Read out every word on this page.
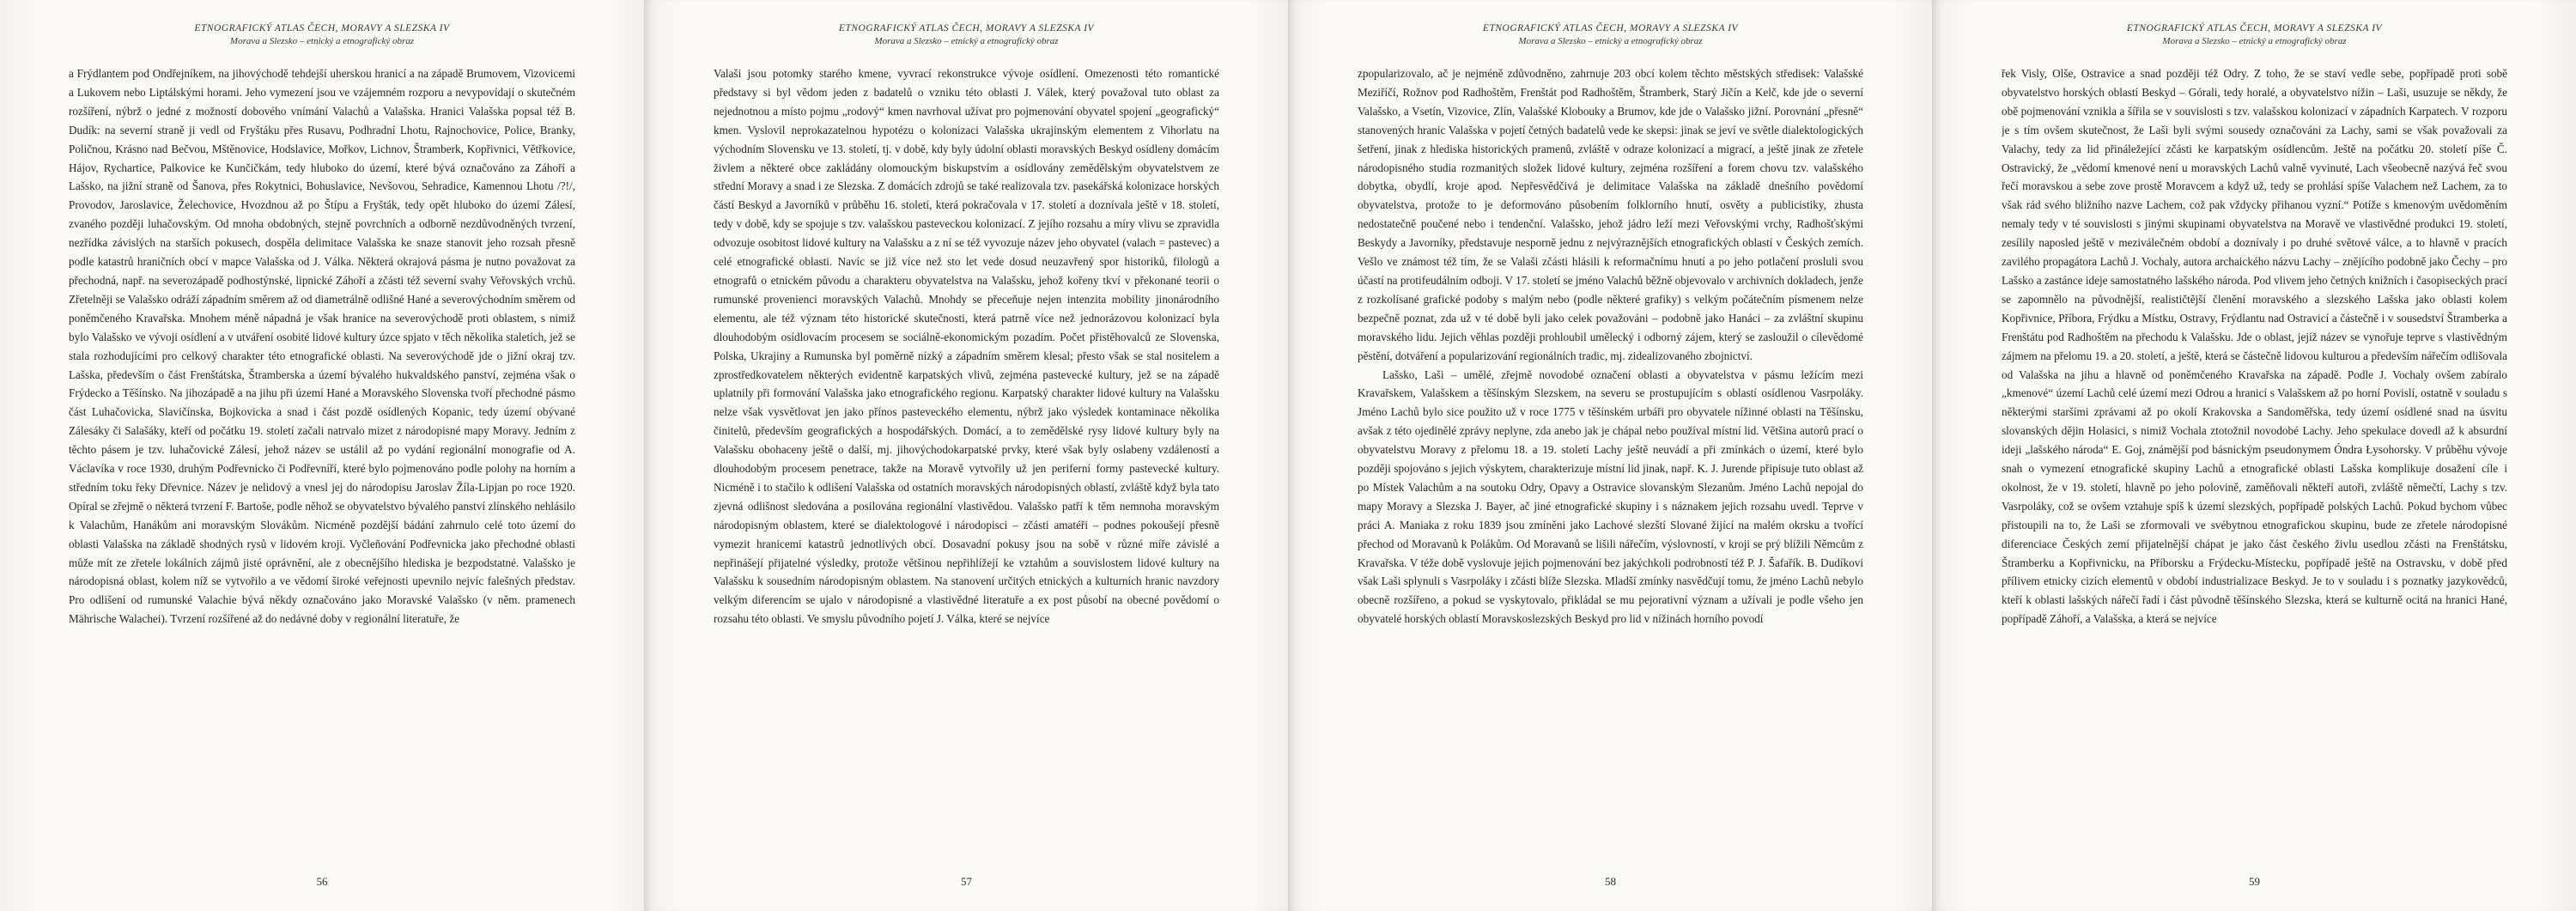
ETNOGRAFICKÝ ATLAS ČECH, MORAVY A SLEZSKA IV
Morava a Slezsko – etnický a etnografický obraz

a Frýdlantem pod Ondřejníkem, na jihovýchodě tehdejší uherskou hranicí a na západě Brumovem, Vizovicemi a Lukovem nebo Liptálskými horami. Jeho vymezení jsou ve vzájemném rozporu a nevypovídají o skutečném rozšíření, nýbrž o jedné z možností dobového vnímání Valachů a Valašska. Hranici Valašska popsal též B. Dudík: na severní straně ji vedl od Fryštáku přes Rusavu, Podhradní Lhotu, Rajnochovice, Police, Branky, Poličnou, Krásno nad Bečvou, Mštěnovice, Hodslavice, Mořkov, Lichnov, Štramberk, Kopřivnici, Větřkovice, Hájov, Rychartice, Palkovice ke Kunčičkám, tedy hluboko do území, které bývá označováno za Záhoří a Lašsko, na jižní straně od Šanova, přes Rokytnici, Bohuslavice, Nevšovou, Sehradice, Kamennou Lhotu /?!/, Provodov, Jaroslavice, Želechovice, Hvozdnou až po Štípu a Fryšták, tedy opět hluboko do území Zálesí, zvaného později luhačovským. Od mnoha obdobných, stejně povrchních a odborně nezdůvodněných tvrzení, nezřídka závislých na starších pokusech, dospěla delimitace Valašska ke snaze stanovit jeho rozsah přesně podle katastrů hraničních obcí v mapce Valašska od J. Válka. Některá okrajová pásma je nutno považovat za přechodná, např. na severozápadě podhostýnské, lipnické Záhoří a zčásti též severní svahy Veřovských vrchů. Zřetelněji se Valašsko odráží západním směrem až od diametrálně odlišné Hané a severovýchodním směrem od poněmčeného Kravařska. Mnohem méně nápadná je však hranice na severovýchodě proti oblastem, s nimiž bylo Valašsko ve vývoji osídlení a v utváření osobité lidové kultury úzce spjato v těch několika staletích, jež se stala rozhodujícími pro celkový charakter této etnografické oblasti. Na severovýchodě jde o jižní okraj tzv. Lašska, především o část Frenštátska, Štramberska a území bývalého hukvaldského panství, zejména však o Frýdecko a Těšínsko. Na jihozápadě a na jihu při území Hané a Moravského Slovenska tvoří přechodné pásmo část Luhačovicka, Slavičínska, Bojkovicka a snad i část pozdě osídlených Kopanic, tedy území obývané Zálesáky či Salašáky, kteří od počátku 19. století začali natrvalo mizet z národopisné mapy Moravy. Jedním z těchto pásem je tzv. luhačovické Zálesí, jehož název se ustálil až po vydání regionální monografie od A. Václavíka v roce 1930, druhým Podřevnicko či Podřevníří, které bylo pojmenováno podle polohy na horním a středním toku řeky Dřevnice. Název je nelidový a vnesl jej do národopisu Jaroslav Žíla-Lipjan po roce 1920. Opíral se zřejmě o některá tvrzení F. Bartoše, podle něhož se obyvatelstvo bývalého panství zlínského nehlásilo k Valachům, Hanákům ani moravským Slovákům. Nicméně pozdější bádání zahrnulo celé toto území do oblasti Valašska na základě shodných rysů v lidovém kroji. Vyčleňování Podřevnicka jako přechodné oblasti může mít ze zřetele lokálních zájmů jisté oprávnění, ale z obecnějšího hlediska je bezpodstatné. Valašsko je národopisná oblast, kolem níž se vytvořilo a ve vědomí široké veřejnosti upevnilo nejvíc falešných představ. Pro odlišení od rumunské Valachie bývá někdy označováno jako Moravské Valašsko (v něm. pramenech Mährische Walachei). Tvrzení rozšířené až do nedávné doby v regionální literatuře, že

56
ETNOGRAFICKÝ ATLAS ČECH, MORAVY A SLEZSKA IV
Morava a Slezsko – etnický a etnografický obraz

Valaši jsou potomky starého kmene, vyvrací rekonstrukce vývoje osídlení. Omezenosti této romantické představy si byl vědom jeden z badatelů o vzniku této oblasti J. Válek, který považoval tuto oblast za nejednotnou a místo pojmu „rodový“ kmen navrhoval užívat pro pojmenování obyvatel spojení „geografický“ kmen. Vyslovil neprokazatelnou hypotézu o kolonizaci Valašska ukrajinským elementem z Vihorlatu na východním Slovensku ve 13. století, tj. v době, kdy byly údolní oblasti moravských Beskyd osídleny domácím živlem a některé obce zakládány olomouckým biskupstvím a osídlovány zemědělským obyvatelstvem ze střední Moravy a snad i ze Slezska. Z domácích zdrojů se také realizovala tzv. pasekářská kolonizace horských částí Beskyd a Javorníků v průběhu 16. století, která pokračovala v 17. století a doznívala ještě v 18. století, tedy v době, kdy se spojuje s tzv. valašskou pasteveckou kolonizací. Z jejího rozsahu a míry vlivu se zpravidla odvozuje osobitost lidové kultury na Valašsku a z ní se též vyvozuje název jeho obyvatel (valach = pastevec) a celé etnografické oblasti. Navíc se již více než sto let vede dosud neuzavřený spor historiků, filologů a etnografů o etnickém původu a charakteru obyvatelstva na Valašsku, jehož kořeny tkví v překonané teorii o rumunské provenienci moravských Valachů. Mnohdy se přeceňuje nejen intenzita mobility jinonárodního elementu, ale též význam této historické skutečnosti, která patrně více než jednorázovou kolonizací byla dlouhodobým osídlovacím procesem se sociálně-ekonomickým pozadím. Počet přistěhovalců ze Slovenska, Polska, Ukrajiny a Rumunska byl poměrně nízký a západním směrem klesal; přesto však se stal nositelem a zprostředkovatelem některých evidentně karpatských vlivů, zejména pastevecké kultury, jež se na západě uplatnily při formování Valašska jako etnografického regionu. Karpatský charakter lidové kultury na Valašsku nelze však vysvětlovat jen jako přínos pasteveckého elementu, nýbrž jako výsledek kontaminace několika činitelů, především geografických a hospodářských. Domácí, a to zemědělské rysy lidové kultury byly na Valašsku obohaceny ještě o další, mj. jihovýchodokarpatské prvky, které však byly oslabeny vzdáleností a dlouhodobým procesem penetrace, takže na Moravě vytvořily už jen periferní formy pastevecké kultury. Nicméně i to stačilo k odlišení Valašska od ostatních moravských národopisných oblastí, zvláště když byla tato zjevná odlišnost sledována a posilována regionální vlastivědou. Valašsko patří k těm nemnoha moravským národopisným oblastem, které se dialektologové i národopisci – zčásti amatéři – podnes pokoušejí přesně vymezit hranicemi katastrů jednotlivých obcí. Dosavadní pokusy jsou na sobě v různé míře závislé a nepřinášejí přijatelné výsledky, protože většinou nepřihlížejí ke vztahům a souvislostem lidové kultury na Valašsku k sousedním národopisným oblastem. Na stanovení určitých etnických a kulturních hranic navzdory velkým diferencím se ujalo v národopisné a vlastivědné literatuře a ex post působí na obecné povědomí o rozsahu této oblasti. Ve smyslu původního pojetí J. Válka, které se nejvíce

57
ETNOGRAFICKÝ ATLAS ČECH, MORAVY A SLEZSKA IV
Morava a Slezsko – etnický a etnografický obraz

zpopularizovalo, ač je nejméně zdůvodněno, zahrnuje 203 obcí kolem těchto městských středisek: Valašské Meziříčí, Rožnov pod Radhoštěm, Frenštát pod Radhoštěm, Štramberk, Starý Jičín a Kelč, kde jde o severní Valašsko, a Vsetín, Vizovice, Zlín, Valašské Klobouky a Brumov, kde jde o Valašsko jižní. Porovnání „přesně“ stanovených hranic Valašska v pojetí četných badatelů vede ke skepsi: jinak se jeví ve světle dialektologických šetření, jinak z hlediska historických pramenů, zvláště v odraze kolonizací a migrací, a ještě jinak ze zřetele národopisného studia rozmanitých složek lidové kultury, zejména rozšíření a forem chovu tzv. valašského dobytka, obydlí, kroje apod. Nepřesvědčivá je delimitace Valašska na základě dnešního povědomí obyvatelstva, protože to je deformováno působením folklorního hnutí, osvěty a publicistiky, zhusta nedostatečně poučené nebo i tendenční. Valašsko, jehož jádro leží mezi Veřovskými vrchy, Radhošťskými Beskydy a Javorníky, představuje nesporně jednu z nejvýraznějších etnografických oblastí v Českých zemích. Vešlo ve známost též tím, že se Valaši zčásti hlásili k reformačnímu hnutí a po jeho potlačení prosluli svou účastí na protifeudálním odboji. V 17. století se jméno Valachů běžně objevovalo v archivních dokladech, jenže z rozkolísané grafické podoby s malým nebo (podle některé grafiky) s velkým počátečním písmenem nelze bezpečně poznat, zda už v té době byli jako celek považováni – podobně jako Hanáci – za zvláštní skupinu moravského lidu. Jejich věhlas později prohloubil umělecký i odborný zájem, který se zasloužil o cílevědomé pěstění, dotváření a popularizování regionálních tradic, mj. zidealizovaného zbojnictví.

Lašsko, Laši – umělé, zřejmě novodobé označení oblasti a obyvatelstva v pásmu ležícím mezi Kravařskem, Valašskem a těšínským Slezskem, na severu se prostupujícím s oblastí osídlenou Vasrpoláky. Jméno Lachů bylo sice použito už v roce 1775 v těšínském urbáři pro obyvatele nížinné oblasti na Těšínsku, avšak z této ojedinělé zprávy neplyne, zda anebo jak je chápal nebo používal místní lid. Většina autorů prací o obyvatelstvu Moravy z přelomu 18. a 19. století Lachy ještě neuvádí a při zmínkách o území, které bylo později spojováno s jejich výskytem, charakterizuje místní lid jinak, např. K. J. Jurende připisuje tuto oblast až po Místek Valachům a na soutoku Odry, Opavy a Ostravice slovanským Slezanům. Jméno Lachů nepojal do mapy Moravy a Slezska J. Bayer, ač jiné etnografické skupiny i s náznakem jejich rozsahu uvedl. Teprve v práci A. Maniaka z roku 1839 jsou zmíněni jako Lachové slezští Slované žijící na malém okrsku a tvořící přechod od Moravanů k Polákům. Od Moravanů se lišili nářečím, výslovností, v kroji se prý blížili Němcům z Kravařska. V téže době vyslovuje jejich pojmenování bez jakýchkoli podrobností též P. J. Šafařík. B. Dudíkovi však Laši splynuli s Vasrpoláky i zčásti blíže Slezska. Mladší zmínky nasvědčují tomu, že jméno Lachů nebylo obecně rozšířeno, a pokud se vyskytovalo, přikládal se mu pejorativní význam a užívali je podle všeho jen obyvatelé horských oblastí Moravskoslezských Beskyd pro lid v nížinách horního povodí

58
ETNOGRAFICKÝ ATLAS ČECH, MORAVY A SLEZSKA IV
Morava a Slezsko – etnický a etnografický obraz

řek Visly, Olše, Ostravice a snad později též Odry. Z toho, že se staví vedle sebe, popřípadě proti sobě obyvatelstvo horských oblastí Beskyd – Górali, tedy horalé, a obyvatelstvo nížin – Laši, usuzuje se někdy, že obě pojmenování vznikla a šířila se v souvislosti s tzv. valašskou kolonizací v západních Karpatech. V rozporu je s tím ovšem skutečnost, že Laši byli svými sousedy označováni za Lachy, sami se však považovali za Valachy, tedy za lid přináležející zčásti ke karpatským osídlencům. Ještě na počátku 20. století píše Č. Ostravický, že „vědomí kmenové není u moravských Lachů valně vyvinuté, Lach všeobecně nazývá řeč svou řečí moravskou a sebe zove prostě Moravcem a když už, tedy se prohlásí spíše Valachem než Lachem, za to však rád svého bližního nazve Lachem, což pak vždycky přihanou vyzní.“ Potíže s kmenovým uvědoměním nemaly tedy v té souvislosti s jinými skupinami obyvatelstva na Moravě ve vlastivědné produkci 19. století, zesílily naposled ještě v meziválečném období a doznívaly i po druhé světové válce, a to hlavně v pracích zavilého propagátora Lachů J. Vochaly, autora archaického názvu Lachy – znějícího podobně jako Čechy – pro Lašsko a zastánce ideje samostatného lašského národa. Pod vlivem jeho četných knižních i časopiseckých prací se zapomnělo na původnější, realističtější členění moravského a slezského Lašska jako oblasti kolem Kopřivnice, Příbora, Frýdku a Místku, Ostravy, Frýdlantu nad Ostravicí a částečně i v sousedství Štramberka a Frenštátu pod Radhoštěm na přechodu k Valašsku. Jde o oblast, jejíž název se vynořuje teprve s vlastivědným zájmem na přelomu 19. a 20. století, a ještě, která se částečně lidovou kulturou a především nářečím odlišovala od Valašska na jihu a hlavně od poněmčeného Kravařska na západě. Podle J. Vochaly ovšem zabíralo „kmenové“ území Lachů celé území mezi Odrou a hranicí s Valašskem až po horní Povislí, ostatně v souladu s některými staršími zprávami až po okolí Krakovska a Sandoměřska, tedy území osídlené snad na úsvitu slovanských dějin Holasici, s nimiž Vochala ztotožnil novodobé Lachy. Jeho spekulace dovedl až k absurdní ideji „lašského národa“ E. Goj, známější pod básnickým pseudonymem Óndra Łysohorsky. V průběhu vývoje snah o vymezení etnografické skupiny Lachů a etnografické oblasti Lašska komplikuje dosažení cíle i okolnost, že v 19. století, hlavně po jeho polovině, zaměňovali někteří autoři, zvláště němečtí, Lachy s tzv. Vasrpoláky, což se ovšem vztahuje spíš k území slezských, popřípadě polských Lachů. Pokud bychom vůbec přistoupili na to, že Laši se zformovali ve svébytnou etnografickou skupinu, bude ze zřetele národopisné diferenciace Českých zemí přijatelnější chápat je jako část českého živlu usedlou zčásti na Frenštátsku, Štramberku a Kopřivnicku, na Příborsku a Frýdecku-Místecku, popřípadě ještě na Ostravsku, v době před přílivem etnicky cizích elementů v období industrializace Beskyd. Je to v souladu i s poznatky jazykovědců, kteří k oblasti lašských nářečí řadí i část původně těšínského Slezska, která se kulturně ocitá na hranici Hané, popřípadě Záhoří, a Valašska, a která se nejvíce

59
